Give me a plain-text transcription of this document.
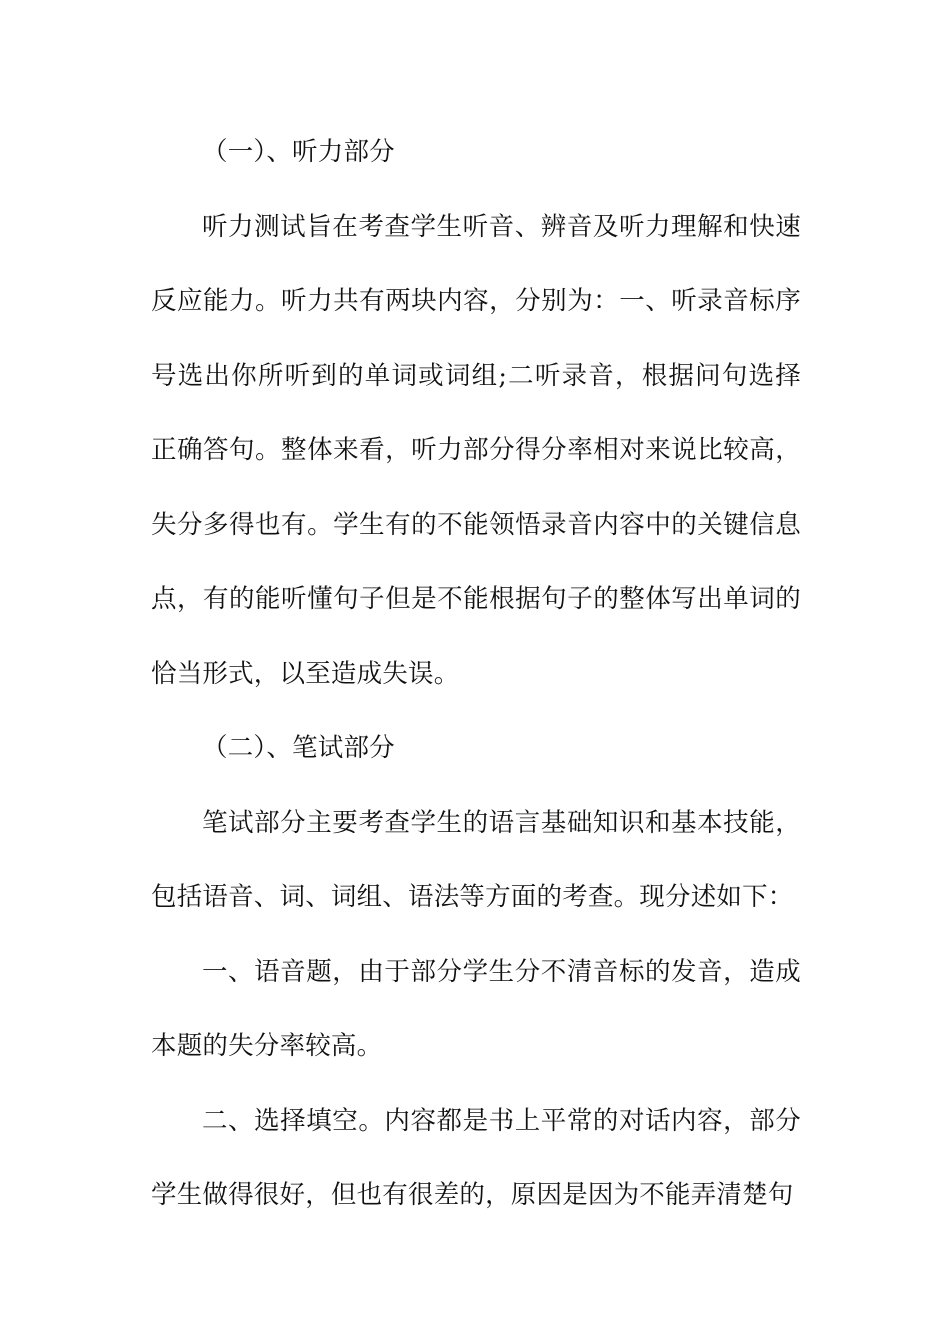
（一）、听力部分

听力测试旨在考查学生听音、辨音及听力理解和快速反应能力。听力共有两块内容，分别为：一、听录音标序号选出你所听到的单词或词组;二听录音，根据问句选择正确答句。整体来看，听力部分得分率相对来说比较高，失分多得也有。学生有的不能领悟录音内容中的关键信息点，有的能听懂句子但是不能根据句子的整体写出单词的恰当形式，以至造成失误。

（二）、笔试部分

笔试部分主要考查学生的语言基础知识和基本技能，包括语音、词、词组、语法等方面的考查。现分述如下：

一、语音题，由于部分学生分不清音标的发音，造成本题的失分率较高。

二、选择填空。内容都是书上平常的对话内容，部分学生做得很好，但也有很差的，原因是因为不能弄清楚句
